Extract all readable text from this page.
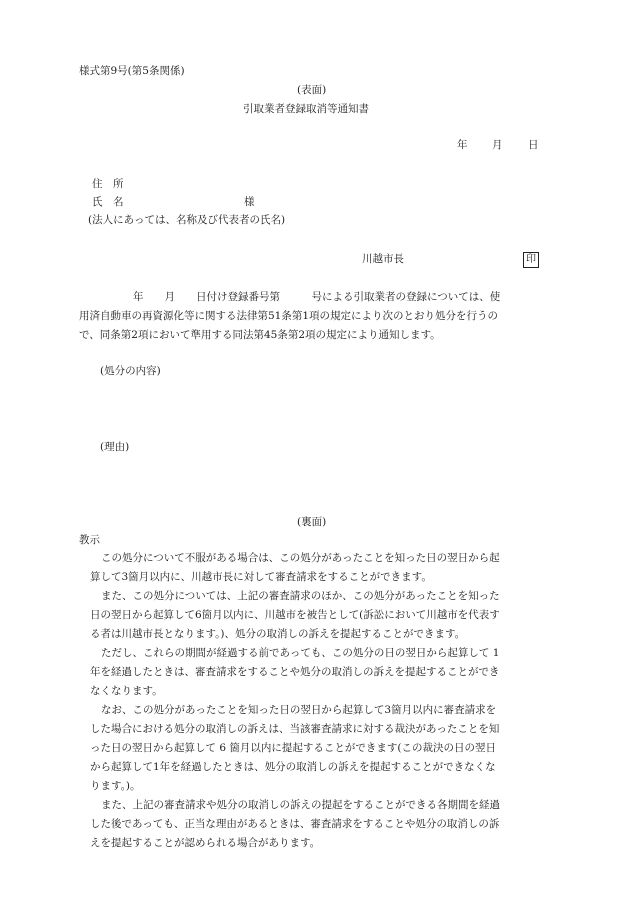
様式第9号(第5条関係)
(表面)
引取業者登録取消等通知書
年 月 日
住　所
氏　名	様
(法人にあっては、名称及び代表者の氏名)
川越市長	印
年　　月　　日付け登録番号第　　　号による引取業者の登録については、使
用済自動車の再資源化等に関する法律第51条第1項の規定により次のとおり処分を行うの
で、同条第2項において準用する同法第45条第2項の規定により通知します。
(処分の内容)
(理由)
(裏面)
教示
この処分について不服がある場合は、この処分があったことを知った日の翌日から起
算して3箇月以内に、川越市長に対して審査請求をすることができます。
また、この処分については、上記の審査請求のほか、この処分があったことを知った
日の翌日から起算して6箇月以内に、川越市を被告として(訴訟において川越市を代表す
る者は川越市長となります。)、処分の取消しの訴えを提起することができます。
ただし、これらの期間が経過する前であっても、この処分の日の翌日から起算して 1
年を経過したときは、審査請求をすることや処分の取消しの訴えを提起することができ
なくなります。
なお、この処分があったことを知った日の翌日から起算して3箇月以内に審査請求を
した場合における処分の取消しの訴えは、当該審査請求に対する裁決があったことを知
った日の翌日から起算して 6 箇月以内に提起することができます(この裁決の日の翌日
から起算して1年を経過したときは、処分の取消しの訴えを提起することができなくな
ります。)。
また、上記の審査請求や処分の取消しの訴えの提起をすることができる各期間を経過
した後であっても、正当な理由があるときは、審査請求をすることや処分の取消しの訴
えを提起することが認められる場合があります。
